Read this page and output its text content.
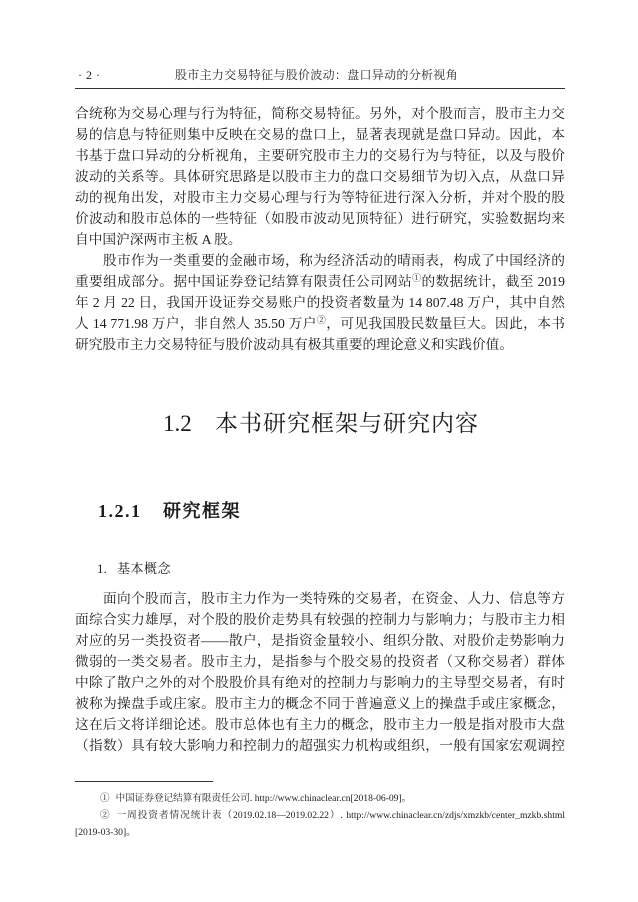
· 2 ·	股市主力交易特征与股价波动：盘口异动的分析视角
合统称为交易心理与行为特征，简称交易特征。另外，对个股而言，股市主力交
易的信息与特征则集中反映在交易的盘口上，显著表现就是盘口异动。因此，本
书基于盘口异动的分析视角，主要研究股市主力的交易行为与特征，以及与股价
波动的关系等。具体研究思路是以股市主力的盘口交易细节为切入点，从盘口异
动的视角出发，对股市主力交易心理与行为等特征进行深入分析，并对个股的股
价波动和股市总体的一些特征（如股市波动见顶特征）进行研究，实验数据均来
自中国沪深两市主板 A 股。
股市作为一类重要的金融市场，称为经济活动的晴雨表，构成了中国经济的
重要组成部分。据中国证券登记结算有限责任公司网站①的数据统计，截至 2019
年 2 月 22 日，我国开设证券交易账户的投资者数量为 14 807.48 万户，其中自然
人 14 771.98 万户，非自然人 35.50 万户②，可见我国股民数量巨大。因此，本书
研究股市主力交易特征与股价波动具有极其重要的理论意义和实践价值。
1.2 本书研究框架与研究内容
1.2.1 研究框架
1. 基本概念
面向个股而言，股市主力作为一类特殊的交易者，在资金、人力、信息等方
面综合实力雄厚，对个股的股价走势具有较强的控制力与影响力；与股市主力相
对应的另一类投资者——散户，是指资金量较小、组织分散、对股价走势影响力
微弱的一类交易者。股市主力，是指参与个股交易的投资者（又称交易者）群体
中除了散户之外的对个股股价具有绝对的控制力与影响力的主导型交易者，有时
被称为操盘手或庄家。股市主力的概念不同于普遍意义上的操盘手或庄家概念，
这在后文将详细论述。股市总体也有主力的概念，股市主力一般是指对股市大盘
（指数）具有较大影响力和控制力的超强实力机构或组织，一般有国家宏观调控
① 中国证券登记结算有限责任公司. http://www.chinaclear.cn[2018-06-09]。
② 一周投资者情况统计表（2019.02.18—2019.02.22）. http://www.chinaclear.cn/zdjs/xmzkb/center_mzkb.shtml
[2019-03-30]。
